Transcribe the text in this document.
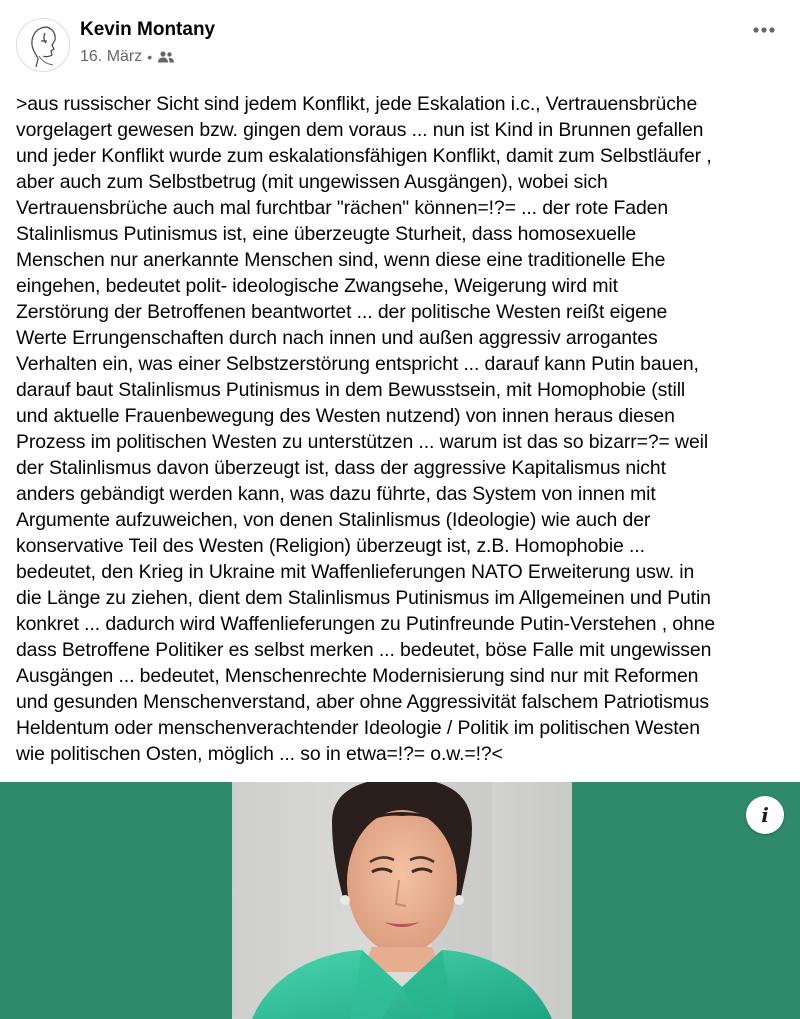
Kevin Montany
16. März •
>aus russischer Sicht sind jedem Konflikt, jede Eskalation i.c., Vertrauensbrüche
vorgelagert gewesen bzw. gingen dem voraus ... nun ist Kind in Brunnen gefallen
und jeder Konflikt wurde zum eskalationsfähigen Konflikt, damit zum Selbstläufer ,
aber auch zum Selbstbetrug (mit ungewissen Ausgängen), wobei sich
Vertrauensbrüche auch mal furchtbar "rächen" können=!?= ... der rote Faden
Stalinlismus Putinismus ist, eine überzeugte Sturheit, dass homosexuelle
Menschen nur anerkannte Menschen sind, wenn diese eine traditionelle Ehe
eingehen, bedeutet polit- ideologische Zwangsehe, Weigerung wird mit
Zerstörung der Betroffenen beantwortet ... der politische Westen reißt eigene
Werte Errungenschaften durch nach innen und außen aggressiv arrogantes
Verhalten ein, was einer Selbstzerstörung entspricht ... darauf kann Putin bauen,
darauf baut Stalinlismus Putinismus in dem Bewusstsein, mit Homophobie (still
und aktuelle Frauenbewegung des Westen nutzend) von innen heraus diesen
Prozess im politischen Westen zu unterstützen ... warum ist das so bizarr=?= weil
der Stalinlismus davon überzeugt ist, dass der aggressive Kapitalismus nicht
anders gebändigt werden kann, was dazu führte, das System von innen mit
Argumente aufzuweichen, von denen Stalinlismus (Ideologie) wie auch der
konservative Teil des Westen (Religion) überzeugt ist, z.B. Homophobie ...
bedeutet, den Krieg in Ukraine mit Waffenlieferungen NATO Erweiterung usw. in
die Länge zu ziehen, dient dem Stalinlismus Putinismus im Allgemeinen und Putin
konkret ... dadurch wird Waffenlieferungen zu Putinfreunde Putin-Verstehen , ohne
dass Betroffene Politiker es selbst merken ... bedeutet, böse Falle mit ungewissen
Ausgängen ... bedeutet, Menschenrechte Modernisierung sind nur mit Reformen
und gesunden Menschenverstand, aber ohne Aggressivität falschem Patriotismus
Heldentum oder menschenverachtender Ideologie / Politik im politischen Westen
wie politischen Osten, möglich ... so in etwa=!?= o.w.=!?<
i
